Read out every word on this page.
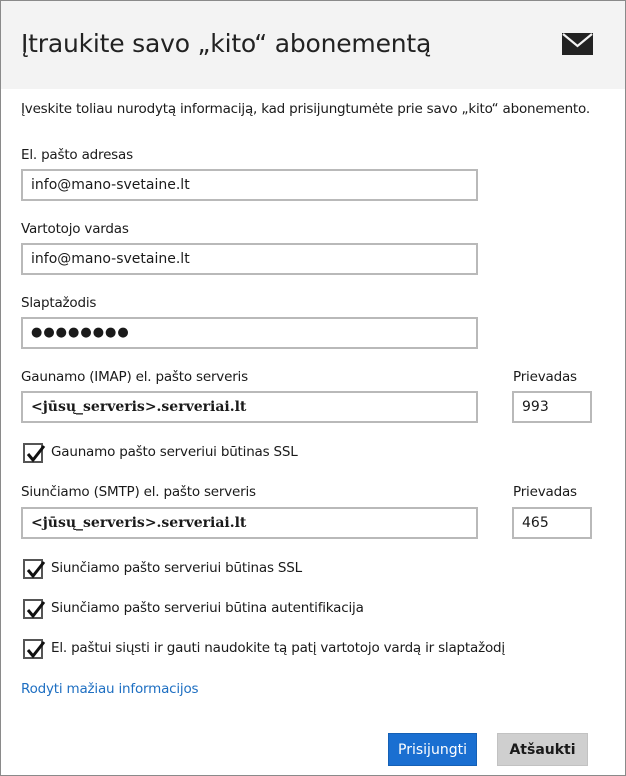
Įtraukite savo „kito“ abonementą
Įveskite toliau nurodytą informaciją, kad prisijungtumėte prie savo „kito“ abonemento.
El. pašto adresas
info@mano-svetaine.lt
Vartotojo vardas
info@mano-svetaine.lt
Slaptažodis
●●●●●●●●
Gaunamo (IMAP) el. pašto serveris
<jūsų_serveris>.serveriai.lt
Prievadas
993
Gaunamo pašto serveriui būtinas SSL
Siunčiamo (SMTP) el. pašto serveris
<jūsų_serveris>.serveriai.lt
Prievadas
465
Siunčiamo pašto serveriui būtinas SSL
Siunčiamo pašto serveriui būtina autentifikacija
El. paštui siųsti ir gauti naudokite tą patį vartotojo vardą ir slaptažodį
Rodyti mažiau informacijos
Prisijungti	Atšaukti
